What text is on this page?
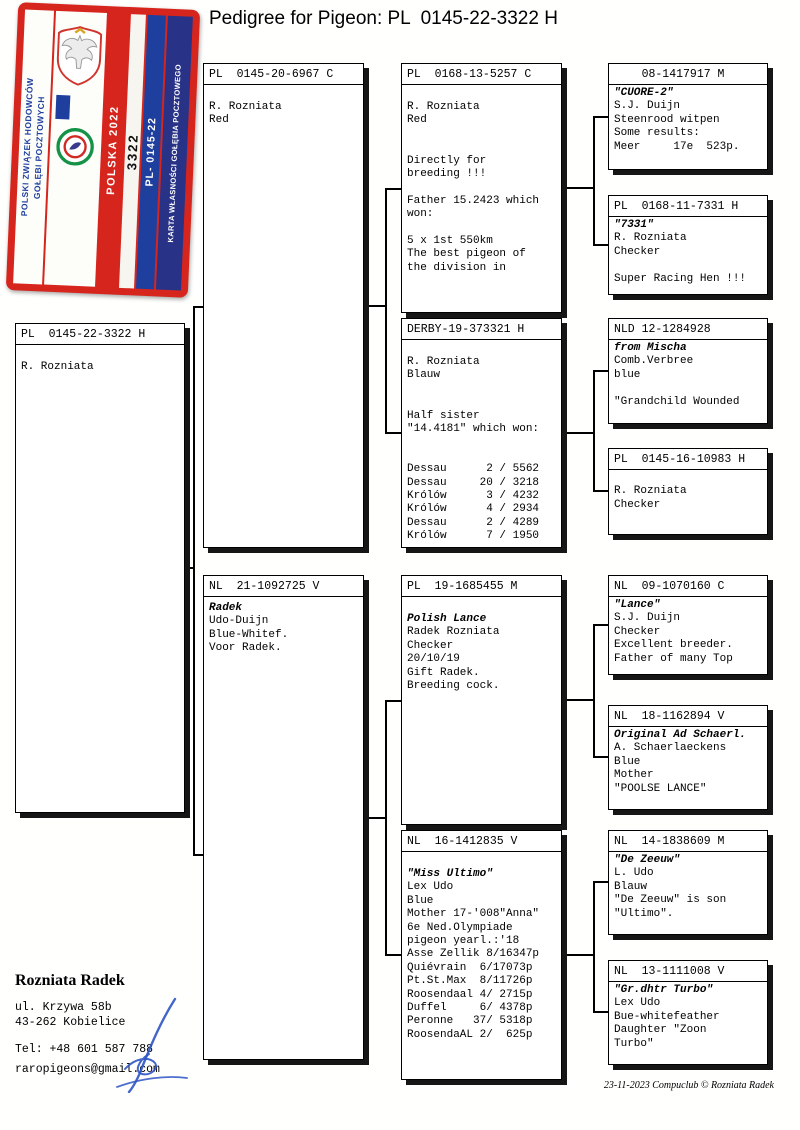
Pedigree for Pigeon: PL  0145-22-3322 H
POLSKI ZWIĄZEK HODOWCÓW
GOŁĘBI POCZTOWYCH	POLSKA 2022 3322 PL- 0145-22 KARTA WŁASNOŚCI GOŁĘBIA POCZTOWEGO
PL  0145-22-3322 H
R. Rozniata
PL  0145-20-6967 C
R. Rozniata
Red
NL  21-1092725 V
Radek
Udo-Duijn
Blue-Whitef.
Voor Radek.
PL  0168-13-5257 C
R. Rozniata
Red
Directly for
breeding !!!
Father 15.2423 which
won:
5 x 1st 550km
The best pigeon of
the division in
DERBY-19-373321 H
R. Rozniata
Blauw
Half sister
"14.4181" which won:
Dessau      2 / 5562
Dessau     20 / 3218
Królów      3 / 4232
Królów      4 / 2934
Dessau      2 / 4289
Królów      7 / 1950
PL  19-1685455 M
Polish Lance
Radek Rozniata
Checker
20/10/19
Gift Radek.
Breeding cock.
NL  16-1412835 V
"Miss Ultimo"
Lex Udo
Blue
Mother 17-'008"Anna"
6e Ned.Olympiade
pigeon yearl.:'18
Asse Zellik 8/16347p
Quiévrain  6/17073p
Pt.St.Max  8/11726p
Roosendaal 4/ 2715p
Duffel     6/ 4378p
Peronne   37/ 5318p
RoosendaAL 2/  625p
08-1417917 M
"CUORE-2"
S.J. Duijn
Steenrood witpen
Some results:
Meer     17e  523p.
PL  0168-11-7331 H
"7331"
R. Rozniata
Checker
Super Racing Hen !!!
NLD 12-1284928
from Mischa
Comb.Verbree
blue
"Grandchild Wounded
PL  0145-16-10983 H
R. Rozniata
Checker
NL  09-1070160 C
"Lance"
S.J. Duijn
Checker
Excellent breeder.
Father of many Top
NL  18-1162894 V
Original Ad Schaerl.
A. Schaerlaeckens
Blue
Mother
"POOLSE LANCE"
NL  14-1838609 M
"De Zeeuw"
L. Udo
Blauw
"De Zeeuw" is son
"Ultimo".
NL  13-1111008 V
"Gr.dhtr Turbo"
Lex Udo
Bue-whitefeather
Daughter "Zoon
Turbo"
Rozniata Radek
ul. Krzywa 58b
43-262 Kobielice
Tel: +48 601 587 788
raropigeons@gmail.com
23-11-2023 Compuclub © Rozniata Radek
